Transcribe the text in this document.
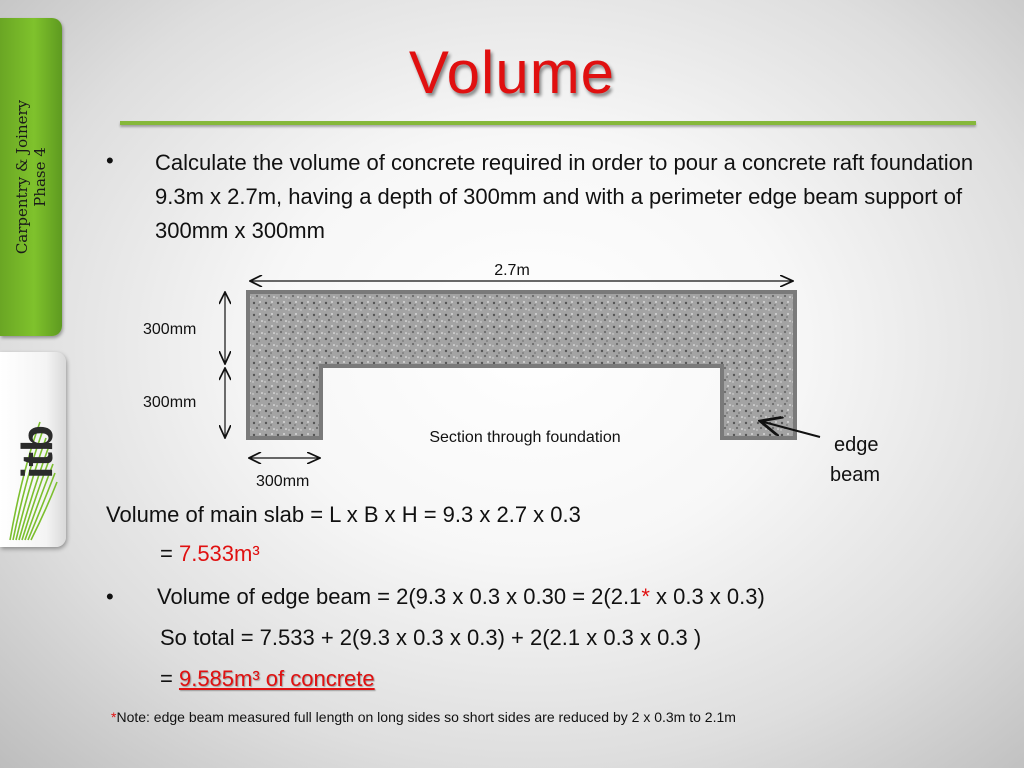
Carpentry & Joinery Phase 4
itb
Volume
• Calculate the volume of concrete required in order to pour a concrete raft foundation 9.3m x 2.7m, having a depth of 300mm and with a perimeter edge beam support of 300mm x 300mm
2.7m
300mm
300mm
300mm
Section through foundation	edge
beam
Volume of main slab = L x B x H = 9.3 x 2.7 x 0.3
= 7.533m³
• Volume of edge beam = 2(9.3 x 0.3 x 0.30 = 2(2.1* x 0.3 x 0.3)
So total = 7.533 + 2(9.3 x 0.3 x 0.3) + 2(2.1 x 0.3 x 0.3 )
= 9.585m³ of concrete
*Note: edge beam measured full length on long sides so short sides are reduced by 2 x 0.3m to 2.1m
